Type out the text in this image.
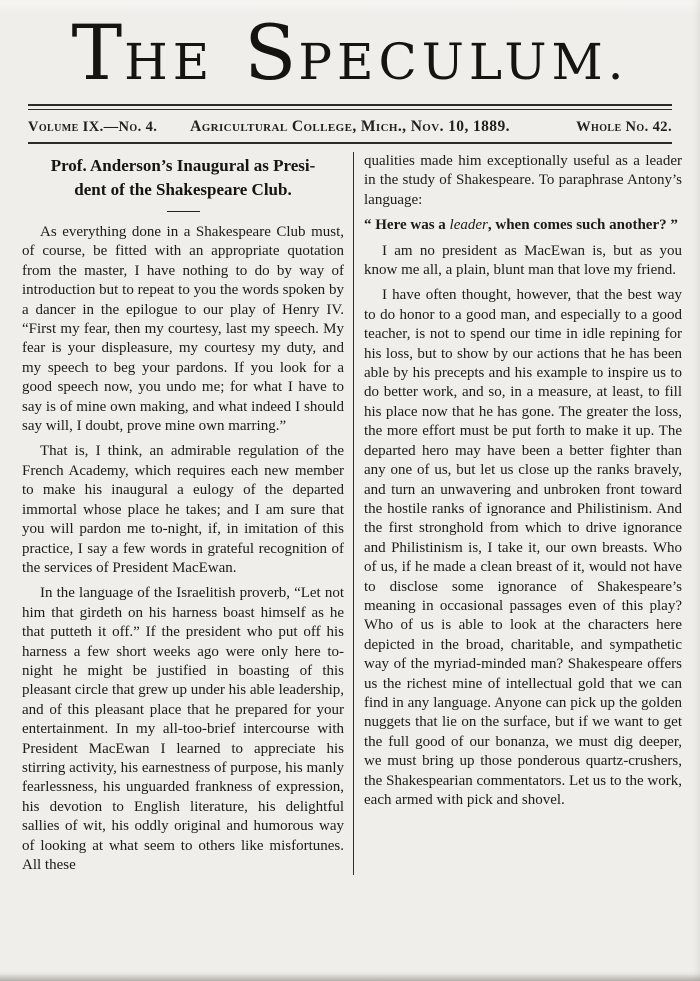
THE SPECULUM.
Volume IX.—No. 4.	Agricultural College, Mich., Nov. 10, 1889.	Whole No. 42.
Prof. Anderson’s Inaugural as Presi-
dent of the Shakespeare Club.

As everything done in a Shakespeare Club must, of course, be fitted with an appropriate quotation from the master, I have nothing to do by way of introduction but to repeat to you the words spoken by a dancer in the epilogue to our play of Henry IV. “First my fear, then my courtesy, last my speech. My fear is your displeasure, my courtesy my duty, and my speech to beg your pardons. If you look for a good speech now, you undo me; for what I have to say is of mine own making, and what indeed I should say will, I doubt, prove mine own marring.”

That is, I think, an admirable regulation of the French Academy, which requires each new member to make his inaugural a eulogy of the departed immortal whose place he takes; and I am sure that you will pardon me to-night, if, in imitation of this practice, I say a few words in grateful recognition of the services of President MacEwan.

In the language of the Israelitish proverb, “Let not him that girdeth on his harness boast himself as he that putteth it off.” If the president who put off his harness a few short weeks ago were only here to-night he might be justified in boasting of this pleasant circle that grew up under his able leadership, and of this pleasant place that he prepared for your entertainment. In my all-too-brief intercourse with President MacEwan I learned to appreciate his stirring activity, his earnestness of purpose, his manly fearlessness, his unguarded frankness of expression, his devotion to English literature, his delightful sallies of wit, his oddly original and humorous way of looking at what seem to others like misfortunes. All these

qualities made him exceptionally useful as a leader in the study of Shakespeare. To paraphrase Antony’s language:

“ Here was a leader, when comes such another? ”

I am no president as MacEwan is, but as you know me all, a plain, blunt man that love my friend.

I have often thought, however, that the best way to do honor to a good man, and especially to a good teacher, is not to spend our time in idle repining for his loss, but to show by our actions that he has been able by his precepts and his example to inspire us to do better work, and so, in a measure, at least, to fill his place now that he has gone. The greater the loss, the more effort must be put forth to make it up. The departed hero may have been a better fighter than any one of us, but let us close up the ranks bravely, and turn an unwavering and unbroken front toward the hostile ranks of ignorance and Philistinism. And the first stronghold from which to drive ignorance and Philistinism is, I take it, our own breasts. Who of us, if he made a clean breast of it, would not have to disclose some ignorance of Shakespeare’s meaning in occasional passages even of this play? Who of us is able to look at the characters here depicted in the broad, charitable, and sympathetic way of the myriad-minded man? Shakespeare offers us the richest mine of intellectual gold that we can find in any language. Anyone can pick up the golden nuggets that lie on the surface, but if we want to get the full good of our bonanza, we must dig deeper, we must bring up those ponderous quartz-crushers, the Shakespearian commentators. Let us to the work, each armed with pick and shovel.
